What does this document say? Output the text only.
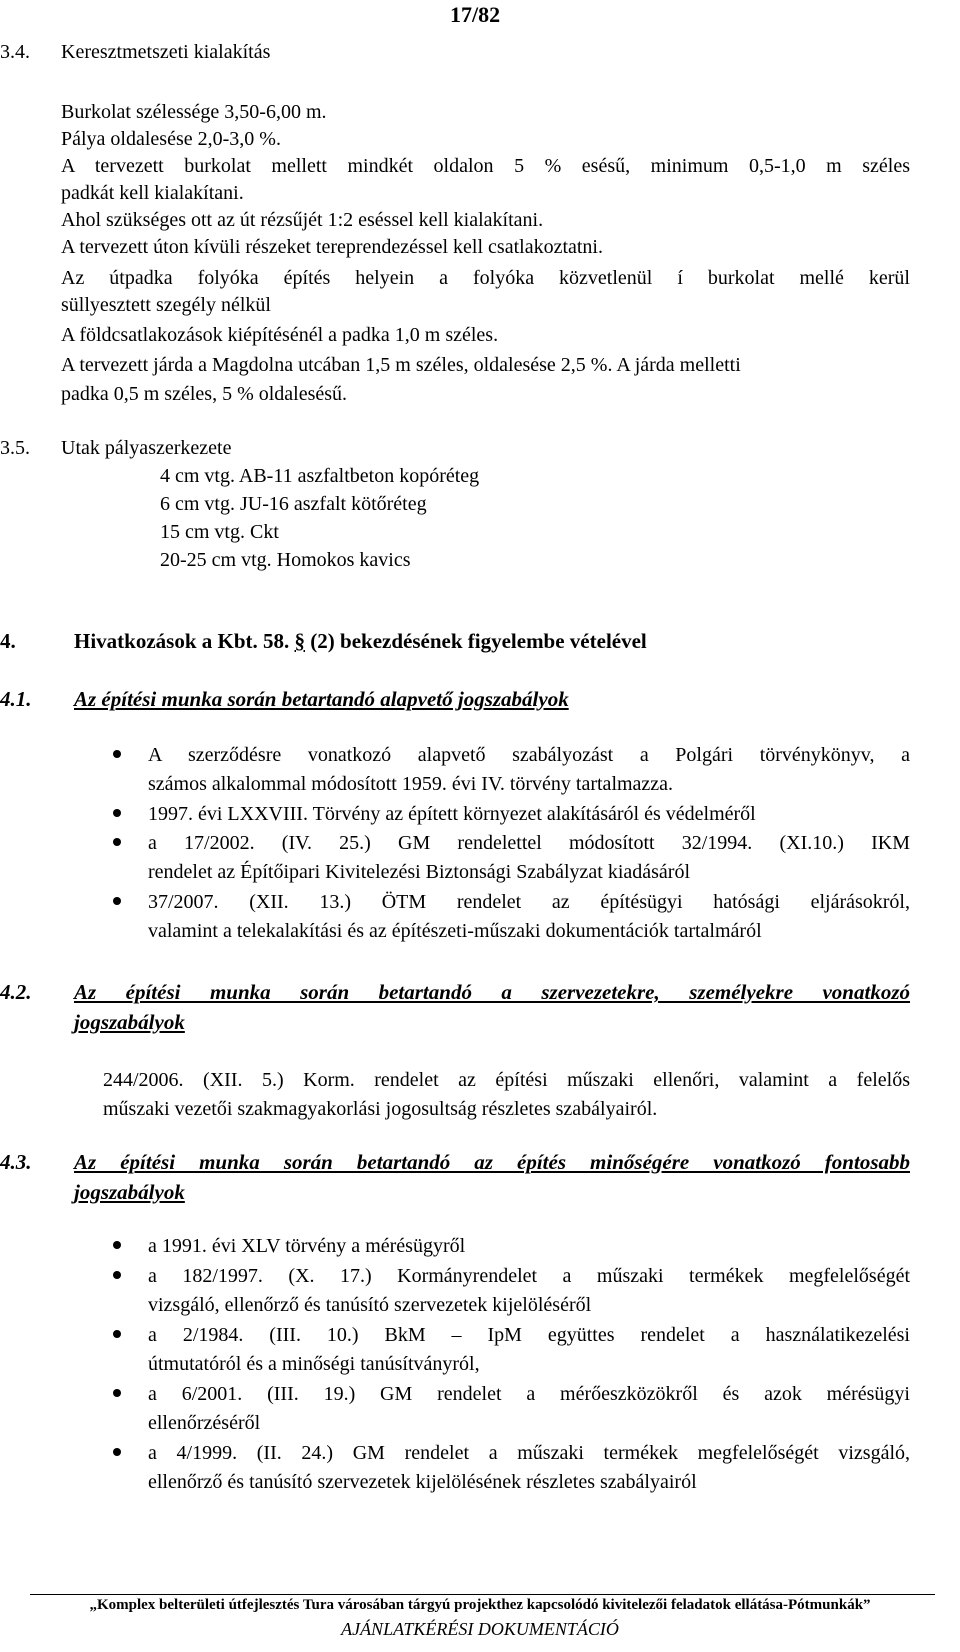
17/82
3.4. Keresztmetszeti kialakítás
Burkolat szélessége 3,50-6,00 m.
Pálya oldalesése 2,0-3,0 %.
A tervezett burkolat mellett mindkét oldalon 5 % esésű, minimum 0,5-1,0 m széles
padkát kell kialakítani.
Ahol szükséges ott az út rézsűjét 1:2 eséssel kell kialakítani.
A tervezett úton kívüli részeket tereprendezéssel kell csatlakoztatni.
Az útpadka folyóka építés helyein a folyóka közvetlenül í burkolat mellé kerül
süllyesztett szegély nélkül
A földcsatlakozások kiépítésénél a padka 1,0 m széles.
A tervezett járda a Magdolna utcában 1,5 m széles, oldalesése 2,5 %. A járda melletti
padka 0,5 m széles, 5 % oldalesésű.
3.5. Utak pályaszerkezete
4 cm vtg. AB-11 aszfaltbeton kopóréteg
6 cm vtg. JU-16 aszfalt kötőréteg
15 cm vtg. Ckt
20-25 cm vtg. Homokos kavics
4.	Hivatkozások a Kbt. 58. § (2) bekezdésének figyelembe vételével
4.1. Az építési munka során betartandó alapvető jogszabályok
A szerződésre vonatkozó alapvető szabályozást a Polgári törvénykönyv, a
számos alkalommal módosított 1959. évi IV. törvény tartalmazza.
1997. évi LXXVIII. Törvény az épített környezet alakításáról és védelméről
a 17/2002. (IV. 25.) GM rendelettel módosított 32/1994. (XI.10.) IKM
rendelet az Építőipari Kivitelezési Biztonsági Szabályzat kiadásáról
37/2007. (XII. 13.) ÖTM rendelet az építésügyi hatósági eljárásokról,
valamint a telekalakítási és az építészeti-műszaki dokumentációk tartalmáról
4.2. Az építési munka során betartandó a szervezetekre, személyekre vonatkozó
jogszabályok
244/2006. (XII. 5.) Korm. rendelet az építési műszaki ellenőri, valamint a felelős
műszaki vezetői szakmagyakorlási jogosultság részletes szabályairól.
4.3. Az építési munka során betartandó az építés minőségére vonatkozó fontosabb
jogszabályok
a 1991. évi XLV törvény a mérésügyről
a 182/1997. (X. 17.) Kormányrendelet a műszaki termékek megfelelőségét
vizsgáló, ellenőrző és tanúsító szervezetek kijelöléséről
a 2/1984. (III. 10.) BkM – IpM együttes rendelet a használatikezelési
útmutatóról és a minőségi tanúsítványról,
a 6/2001. (III. 19.) GM rendelet a mérőeszközökről és azok mérésügyi
ellenőrzéséről
a 4/1999. (II. 24.) GM rendelet a műszaki termékek megfelelőségét vizsgáló,
ellenőrző és tanúsító szervezetek kijelölésének részletes szabályairól
„Komplex belterületi útfejlesztés Tura városában tárgyú projekthez kapcsolódó kivitelezői feladatok ellátása-Pótmunkák”
AJÁNLATKÉRÉSI DOKUMENTÁCIÓ
